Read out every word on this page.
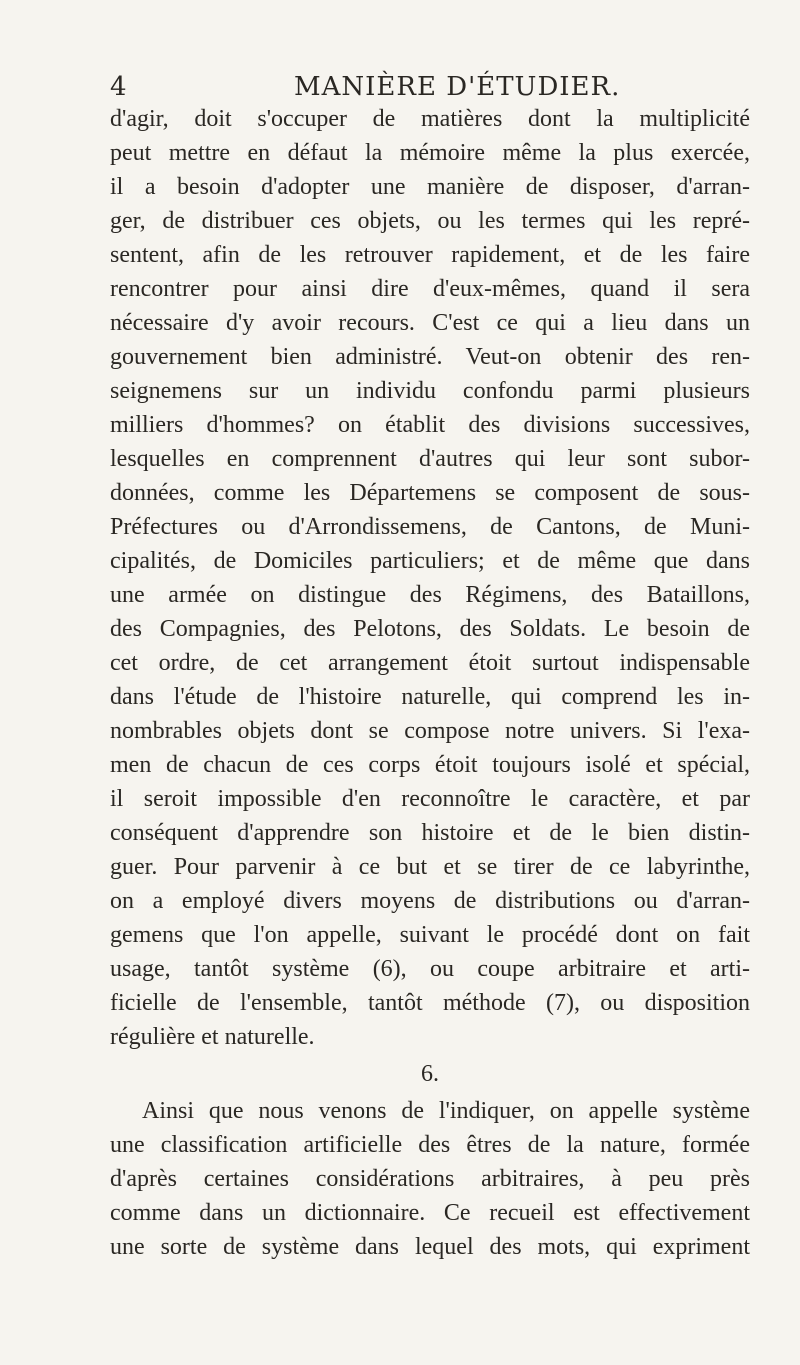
4	MANIÈRE D'ÉTUDIER.
d'agir, doit s'occuper de matières dont la multiplicité
peut mettre en défaut la mémoire même la plus exercée,
il a besoin d'adopter une manière de disposer, d'arran-
ger, de distribuer ces objets, ou les termes qui les repré-
sentent, afin de les retrouver rapidement, et de les faire
rencontrer pour ainsi dire d'eux-mêmes, quand il sera
nécessaire d'y avoir recours. C'est ce qui a lieu dans un
gouvernement bien administré. Veut-on obtenir des ren-
seignemens sur un individu confondu parmi plusieurs
milliers d'hommes? on établit des divisions successives,
lesquelles en comprennent d'autres qui leur sont subor-
données, comme les Départemens se composent de sous-
Préfectures ou d'Arrondissemens, de Cantons, de Muni-
cipalités, de Domiciles particuliers; et de même que dans
une armée on distingue des Régimens, des Bataillons,
des Compagnies, des Pelotons, des Soldats. Le besoin de
cet ordre, de cet arrangement étoit surtout indispensable
dans l'étude de l'histoire naturelle, qui comprend les in-
nombrables objets dont se compose notre univers. Si l'exa-
men de chacun de ces corps étoit toujours isolé et spécial,
il seroit impossible d'en reconnoître le caractère, et par
conséquent d'apprendre son histoire et de le bien distin-
guer. Pour parvenir à ce but et se tirer de ce labyrinthe,
on a employé divers moyens de distributions ou d'arran-
gemens que l'on appelle, suivant le procédé dont on fait
usage, tantôt système (6), ou coupe arbitraire et arti-
ficielle de l'ensemble, tantôt méthode (7), ou disposition
régulière et naturelle.
6.
Ainsi que nous venons de l'indiquer, on appelle système
une classification artificielle des êtres de la nature, formée
d'après certaines considérations arbitraires, à peu près
comme dans un dictionnaire. Ce recueil est effectivement
une sorte de système dans lequel des mots, qui expriment
